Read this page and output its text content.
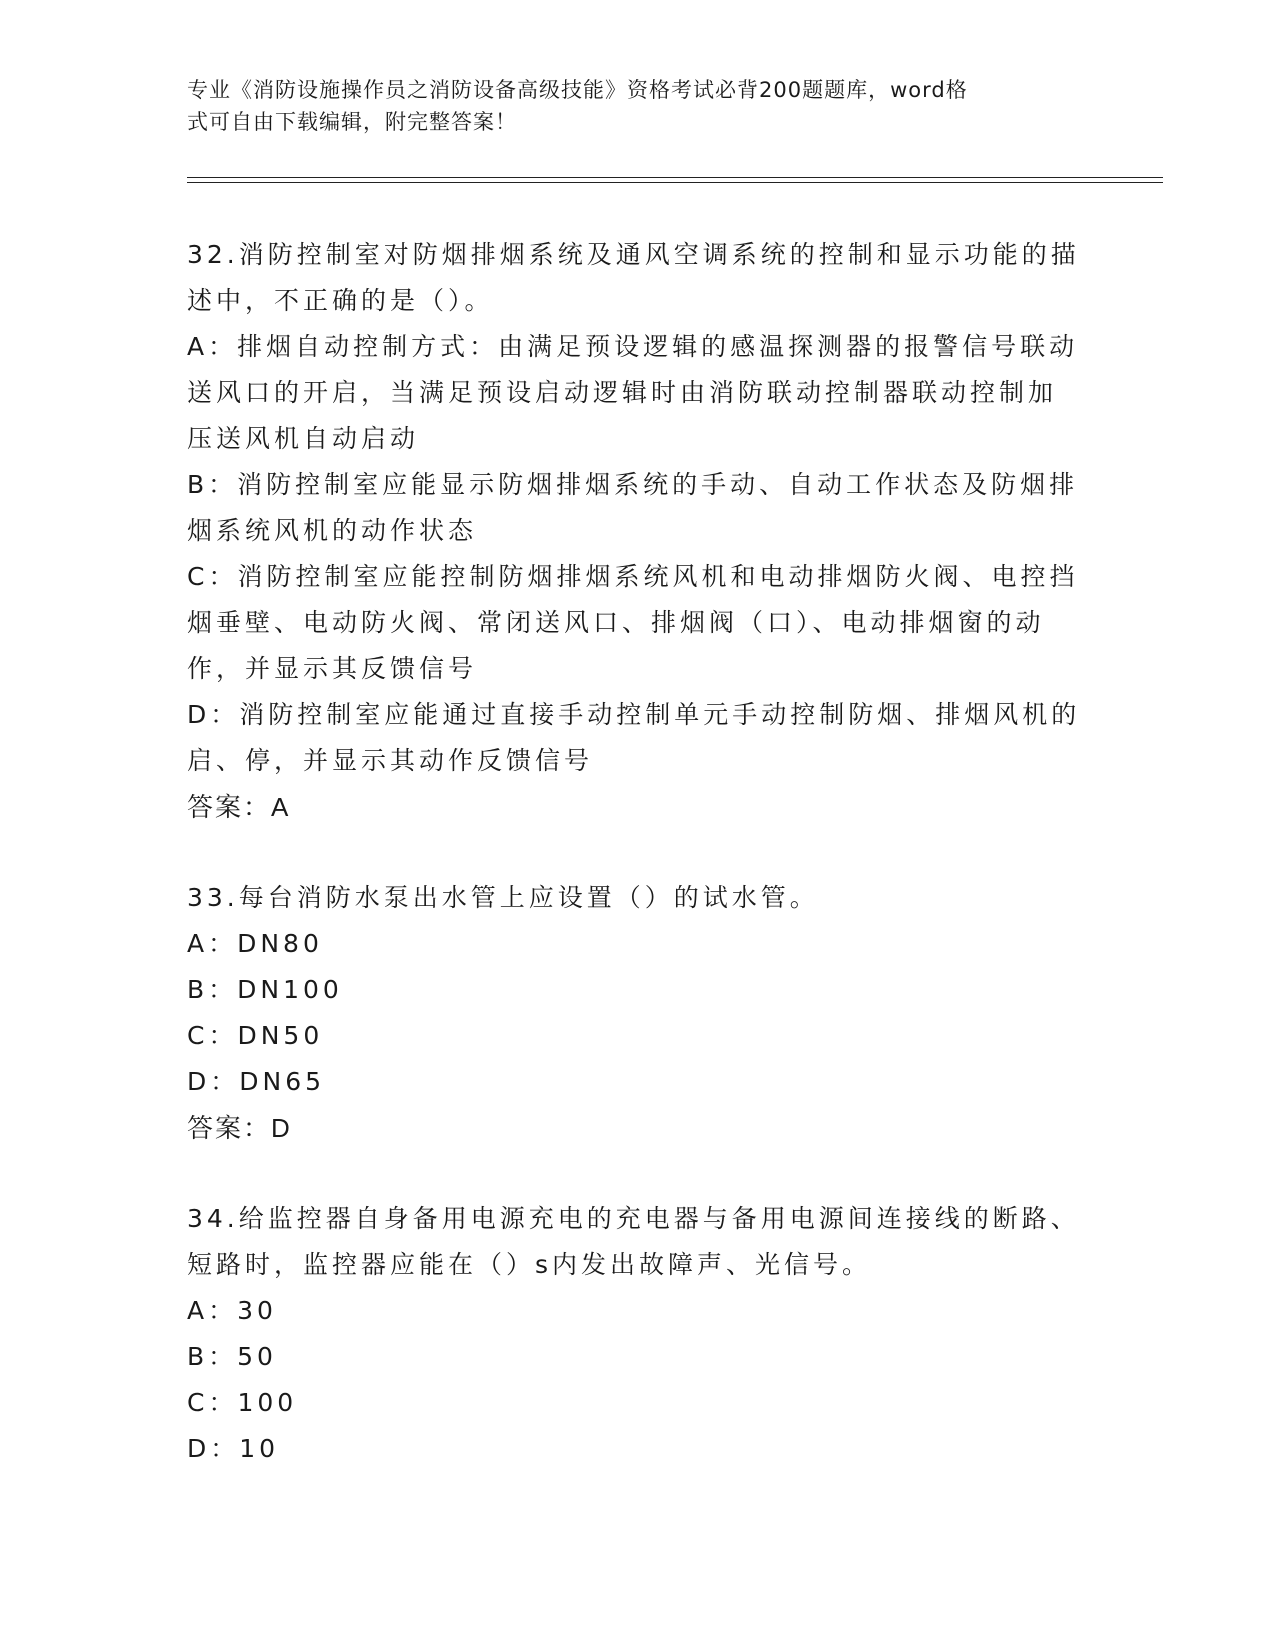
专业《消防设施操作员之消防设备高级技能》资格考试必背200题题库，word格
式可自由下载编辑，附完整答案！
32.消防控制室对防烟排烟系统及通风空调系统的控制和显示功能的描
述中，不正确的是（）。
A：排烟自动控制方式：由满足预设逻辑的感温探测器的报警信号联动
送风口的开启，当满足预设启动逻辑时由消防联动控制器联动控制加
压送风机自动启动
B：消防控制室应能显示防烟排烟系统的手动、自动工作状态及防烟排
烟系统风机的动作状态
C：消防控制室应能控制防烟排烟系统风机和电动排烟防火阀、电控挡
烟垂壁、电动防火阀、常闭送风口、排烟阀（口）、电动排烟窗的动
作，并显示其反馈信号
D：消防控制室应能通过直接手动控制单元手动控制防烟、排烟风机的
启、停，并显示其动作反馈信号
答案：A
33.每台消防水泵出水管上应设置（）的试水管。
A：DN80
B：DN100
C：DN50
D：DN65
答案：D
34.给监控器自身备用电源充电的充电器与备用电源间连接线的断路、
短路时，监控器应能在（）s内发出故障声、光信号。
A：30
B：50
C：100
D：10
